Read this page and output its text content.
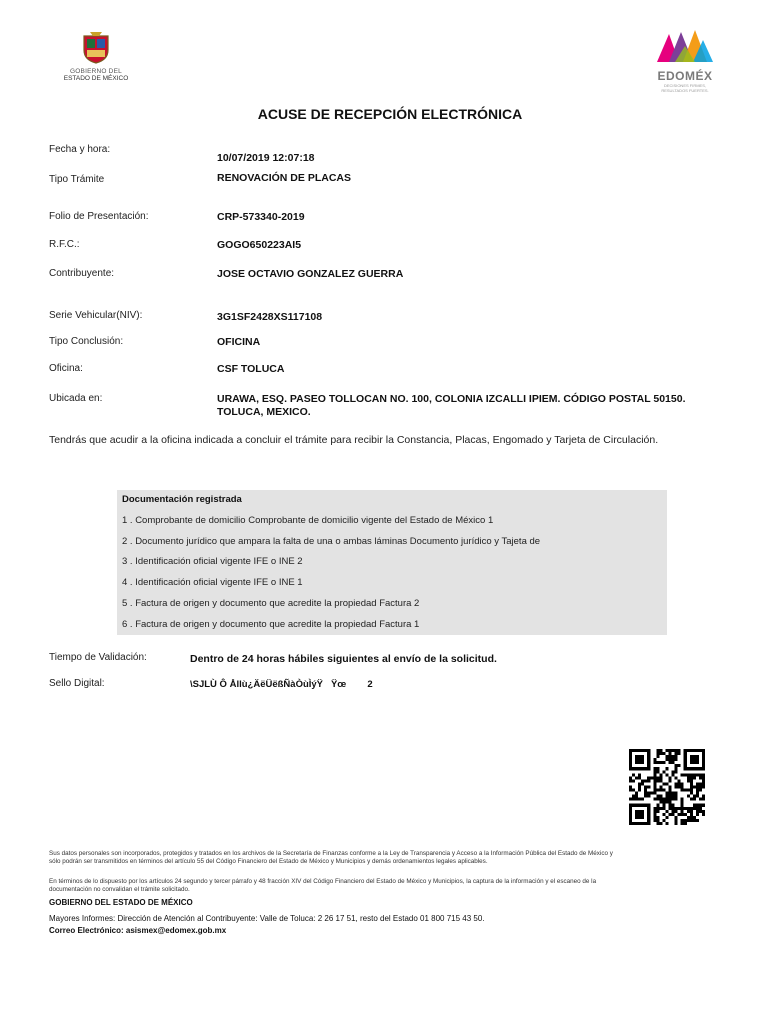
GOBIERNO DEL
ESTADO DE MÉXICO	EDOMÉX
DECISIONES FIRMES,
RESULTADOS FUERTES.
ACUSE DE RECEPCIÓN ELECTRÓNICA
Fecha y hora:
10/07/2019 12:07:18
Tipo Trámite	RENOVACIÓN DE PLACAS
Folio de Presentación:	CRP-573340-2019
R.F.C.:	GOGO650223AI5
Contribuyente:	JOSE OCTAVIO GONZALEZ GUERRA
Serie Vehicular(NIV):	3G1SF2428XS117108
Tipo Conclusión:	OFICINA
Oficina:	CSF TOLUCA
Ubicada en:	URAWA, ESQ. PASEO TOLLOCAN NO. 100, COLONIA IZCALLI IPIEM. CÓDIGO POSTAL 50150.
TOLUCA, MEXICO.
Tendrás que acudir a la oficina indicada a concluir el trámite para recibir la Constancia, Placas, Engomado y Tarjeta de Circulación.
Documentación registrada
1 . Comprobante de domicilio Comprobante de domicilio vigente del Estado de México 1
2 . Documento jurídico que ampara la falta de una o ambas láminas Documento jurídico y Tajeta de
3 . Identificación oficial vigente IFE o INE 2
4 . Identificación oficial vigente IFE o INE 1
5 . Factura de origen y documento que acredite la propiedad Factura 2
6 . Factura de origen y documento que acredite la propiedad Factura 1
Tiempo de Validación:	Dentro de 24 horas hábiles siguientes al envío de la solicitud.
Sello Digital:	\SJLÙ Ô Ållù¿ÄëÜëßÑàÒùÌýŸ   Ÿœ        2
Sus datos personales son incorporados, protegidos y tratados en los archivos de la Secretaría de Finanzas conforme a la Ley de Transparencia y Acceso a la Información Pública del Estado de México y
sólo podrán ser transmitidos en términos del artículo 55 del Código Financiero del Estado de México y Municipios y demás ordenamientos legales aplicables.
En términos de lo dispuesto por los artículos 24 segundo y tercer párrafo y 48 fracción XIV del Código Financiero del Estado de México y Municipios, la captura de la información y el escaneo de la
documentación no convalidan el trámite solicitado.
GOBIERNO DEL ESTADO DE MÉXICO
Mayores Informes: Dirección de Atención al Contribuyente: Valle de Toluca: 2 26 17 51, resto del Estado 01 800 715 43 50.
Correo Electrónico: asismex@edomex.gob.mx
